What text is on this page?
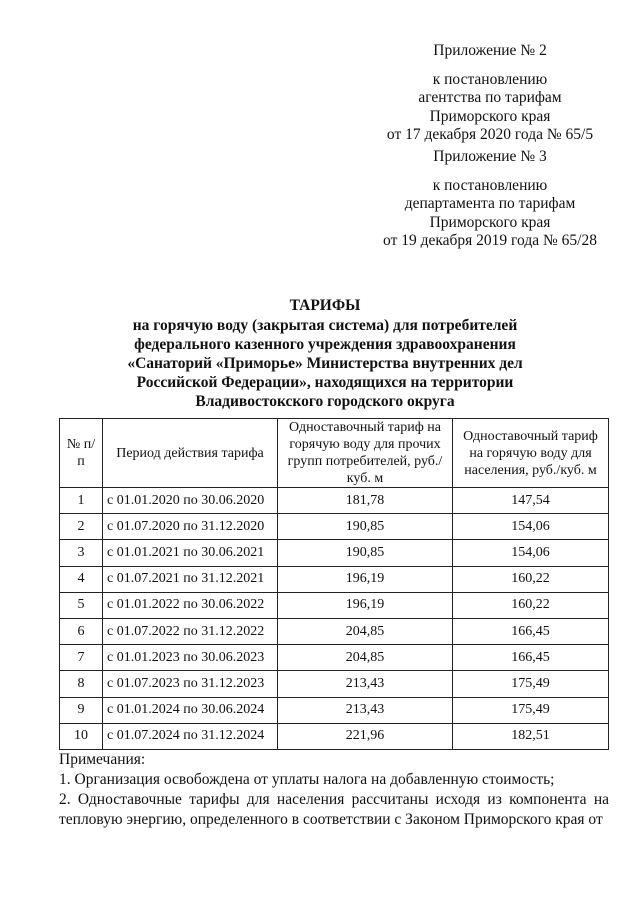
Приложение № 2
к постановлению
агентства по тарифам
Приморского края
от 17 декабря 2020 года № 65/5
Приложение № 3
к постановлению
департамента по тарифам
Приморского края
от 19 декабря 2019 года № 65/28
ТАРИФЫ
на горячую воду (закрытая система) для потребителей
федерального казенного учреждения здравоохранения
«Санаторий «Приморье» Министерства внутренних дел
Российской Федерации», находящихся на территории
Владивостокского городского округа
№ п/п	Период действия тарифа	Одноставочный тариф на горячую воду для прочих групп потребителей, руб./куб. м	Одноставочный тариф на горячую воду для населения, руб./куб. м
1	с 01.01.2020 по 30.06.2020	181,78	147,54
2	с 01.07.2020 по 31.12.2020	190,85	154,06
3	с 01.01.2021 по 30.06.2021	190,85	154,06
4	с 01.07.2021 по 31.12.2021	196,19	160,22
5	с 01.01.2022 по 30.06.2022	196,19	160,22
6	с 01.07.2022 по 31.12.2022	204,85	166,45
7	с 01.01.2023 по 30.06.2023	204,85	166,45
8	с 01.07.2023 по 31.12.2023	213,43	175,49
9	с 01.01.2024 по 30.06.2024	213,43	175,49
10	с 01.07.2024 по 31.12.2024	221,96	182,51

Примечания:

1. Организация освобождена от уплаты налога на добавленную стоимость;

2. Одноставочные тарифы для населения рассчитаны исходя из компонента на тепловую энергию, определенного в соответствии с Законом Приморского края от
